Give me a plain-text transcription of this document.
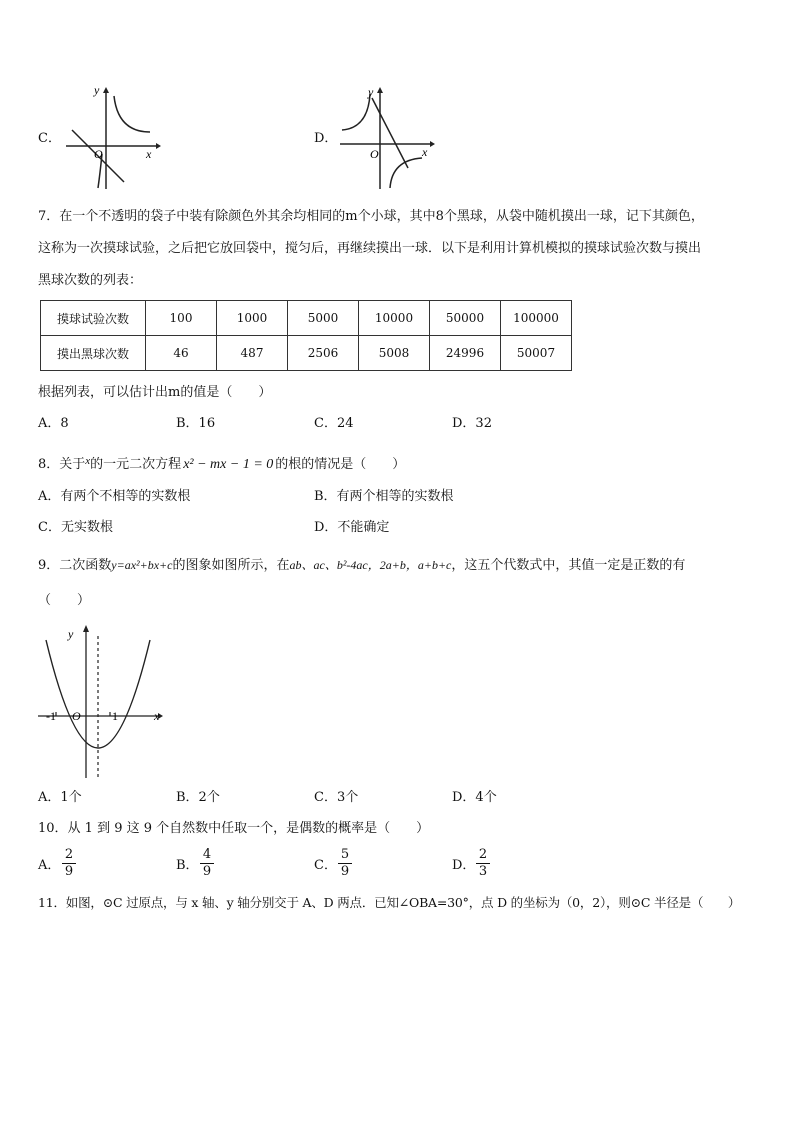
C．
y
x
O
D．
y
x
O
7．在一个不透明的袋子中装有除颜色外其余均相同的m个小球，其中8个黑球，从袋中随机摸出一球，记下其颜色，
这称为一次摸球试验，之后把它放回袋中，搅匀后，再继续摸出一球．以下是利用计算机模拟的摸球试验次数与摸出
黑球次数的列表：
摸球试验次数	100	1000	5000	10000	50000	100000
摸出黑球次数	46	487	2506	5008	24996	50007
根据列表，可以估计出m的值是（　　）
A．8	B．16	C．24	D．32
8．关于$^x$的一元二次方程 x² − mx − 1 = 0 的根的情况是（　　）
A．有两个不相等的实数根	B．有两个相等的实数根
C．无实数根	D．不能确定
9．二次函数y=ax²+bx+c的图象如图所示，在ab、ac、b²-4ac，2a+b，a+b+c，这五个代数式中，其值一定是正数的有
（　　）
y
x
O
-1	1
A．1个	B．2个	C．3个	D．4个
10．从 1 到 9 这 9 个自然数中任取一个，是偶数的概率是（　　）
A．
2
9	B．
4
9	C．
5
9	D．
2
3
11．如图，⊙C 过原点，与 x 轴、y 轴分别交于 A、D 两点．已知∠OBA=30°，点 D 的坐标为（0，2），则⊙C 半径是（　　）
